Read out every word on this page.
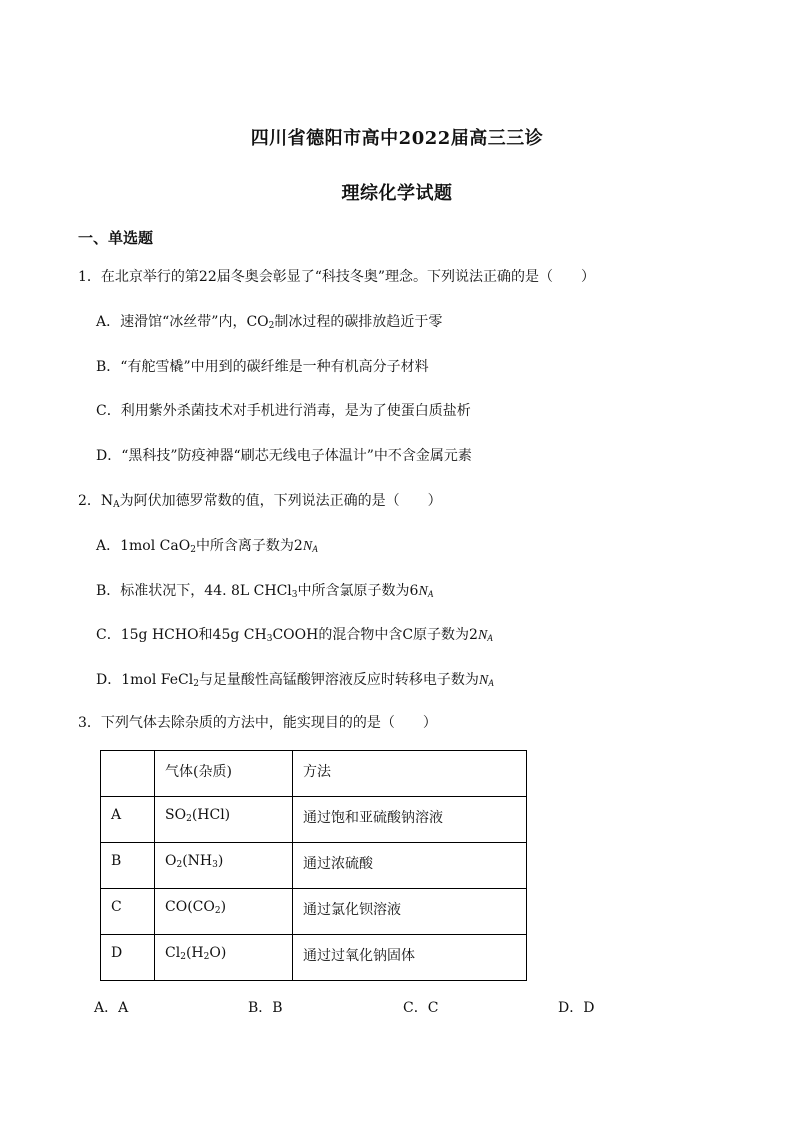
四川省德阳市高中2022届高三三诊
理综化学试题
一、单选题
1．在北京举行的第22届冬奥会彰显了“科技冬奥”理念。下列说法正确的是（　　）
A．速滑馆“冰丝带”内，$CO_2$制冰过程的碳排放趋近于零
B．“有舵雪橇”中用到的碳纤维是一种有机高分子材料
C．利用紫外杀菌技术对手机进行消毒，是为了使蛋白质盐析
D．“黑科技”防疫神器“刷芯无线电子体温计”中不含金属元素
2．$N_A$为阿伏加德罗常数的值，下列说法正确的是（　　）
A．1mol CaO$_2$中所含离子数为$2N_A$
B．标准状况下，44. 8L CHCl$_3$中所含氯原子数为$6N_A$
C．15g HCHO和45g $CH_3COOH$的混合物中含C原子数为$2N_A$
D．1mol FeCl$_2$与足量酸性高锰酸钾溶液反应时转移电子数为$N_A$
3．下列气体去除杂质的方法中，能实现目的的是（　　）
	气体(杂质)	方法
A	$SO_2(HCl)$	通过饱和亚硫酸钠溶液
B	$O_2(NH_3)$	通过浓硫酸
C	$CO(CO_2)$	通过氯化钡溶液
D	$Cl_2(H_2O)$	通过过氧化钠固体
A．A	B．B	C．C	D．D
